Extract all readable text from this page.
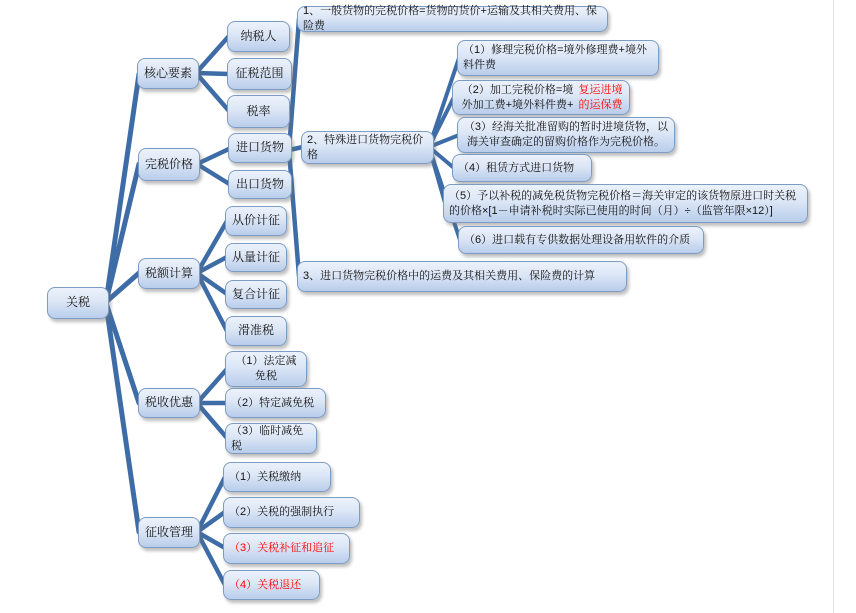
关税
核心要素
完税价格
税额计算
税收优惠
征收管理
纳税人
征税范围
税率
进口货物
出口货物
从价计征
从量计征
复合计征
滑准税
（1）法定减免税
（2）特定减免税
（3）临时减免税
（1）关税缴纳
（2）关税的强制执行
（3）关税补征和追征
（4）关税退还
1、一般货物的完税价格=货物的货价+运输及其相关费用、保险费
2、特殊进口货物完税价格
3、进口货物完税价格中的运费及其相关费用、保险费的计算
（1）修理完税价格=境外修理费+境外料件费
（2）加工完税价格=境外加工费+境外料件费+
复运进境的运保费
（3）经海关批准留购的暂时进境货物，以海关审查确定的留购价格作为完税价格。
（4）租赁方式进口货物
（5）予以补税的减免税货物完税价格＝海关审定的该货物原进口时关税的价格×[1－申请补税时实际已使用的时间（月）÷（监管年限×12）]
（6）进口载有专供数据处理设备用软件的介质
